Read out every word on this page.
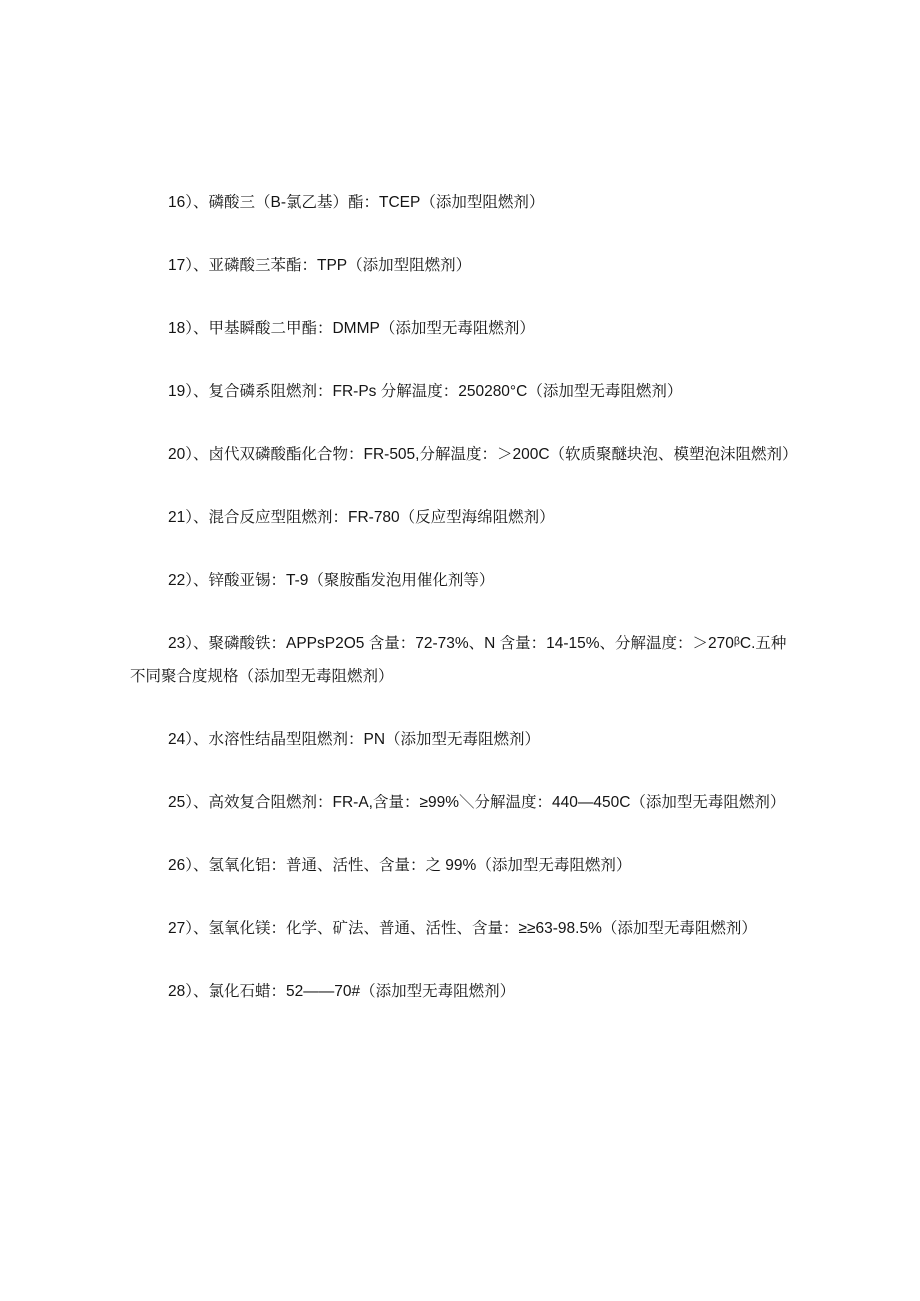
16）、磷酸三（B-氯乙基）酯：TCEP（添加型阻燃剂）

17）、亚磷酸三苯酯：TPP（添加型阻燃剂）

18）、甲基瞬酸二甲酯：DMMP（添加型无毒阻燃剂）

19）、复合磷系阻燃剂：FR-Ps 分解温度：250280°C（添加型无毒阻燃剂）

20）、卤代双磷酸酯化合物：FR-505,分解温度：＞200C（软质聚醚块泡、模塑泡沫阻燃剂）

21）、混合反应型阻燃剂：FR-780（反应型海绵阻燃剂）

22）、锌酸亚锡：T-9（聚胺酯发泡用催化剂等）

23）、聚磷酸铁：APPsP2O5 含量：72-73%、N 含量：14-15%、分解温度：＞270ᵝC.五种不同聚合度规格（添加型无毒阻燃剂）

24）、水溶性结晶型阻燃剂：PN（添加型无毒阻燃剂）

25）、高效复合阻燃剂：FR-A,含量：≥99%＼分解温度：440—450C（添加型无毒阻燃剂）

26）、氢氧化铝：普通、活性、含量：之 99%（添加型无毒阻燃剂）

27）、氢氧化镁：化学、矿法、普通、活性、含量：≥≥63-98.5%（添加型无毒阻燃剂）

28）、氯化石蜡：52——70#（添加型无毒阻燃剂）
